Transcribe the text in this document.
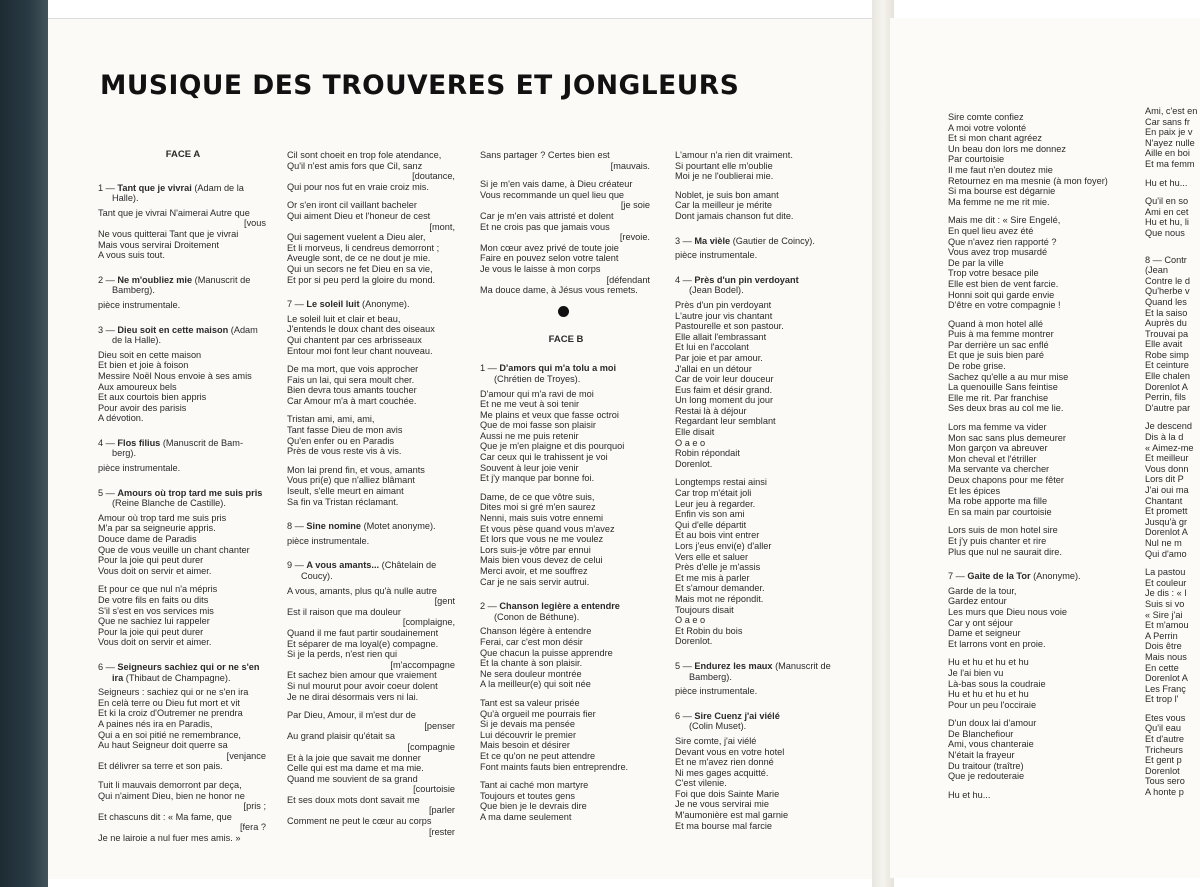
MUSIQUE DES TROUVERES ET JONGLEURS
FACE A
1 — Tant que je vivrai (Adam de la
Halle).
Tant que je vivrai N'aimerai Autre que
[vous
Ne vous quitterai Tant que je vivrai
Mais vous servirai Droitement
A vous suis tout.
2 — Ne m'oubliez mie (Manuscrit de
Bamberg).
pièce instrumentale.
3 — Dieu soit en cette maison (Adam
de la Halle).
Dieu soit en cette maison
Et bien et joie à foison
Messire Noël Nous envoie à ses amis
Aux amoureux bels
Et aux courtois bien appris
Pour avoir des parisis
A dévotion.
4 — Flos filius (Manuscrit de Bam-
berg).
pièce instrumentale.
5 — Amours où trop tard me suis pris
(Reine Blanche de Castille).
Amour où trop tard me suis pris
M'a par sa seigneurie appris.
Douce dame de Paradis
Que de vous veuille un chant chanter
Pour la joie qui peut durer
Vous doit on servir et aimer.
Et pour ce que nul n'a mépris
De votre fils en faits ou dits
S'il s'est en vos services mis
Que ne sachiez lui rappeler
Pour la joie qui peut durer
Vous doit on servir et aimer.
6 — Seigneurs sachiez qui or ne s'en
ira (Thibaut de Champagne).
Seigneurs : sachiez qui or ne s'en ira
En celà terre ou Dieu fut mort et vit
Et ki la croiz d'Outremer ne prendra
A paines nés ira en Paradis,
Qui a en soi pitié ne remembrance,
Au haut Seigneur doit querre sa
[venjance
Et délivrer sa terre et son pais.
Tuit li mauvais demorront par deça,
Qui n'aiment Dieu, bien ne honor ne
[pris ;
Et chascuns dit : « Ma fame, que
[fera ?
Je ne lairoie a nul fuer mes amis. »
Cil sont choeit en trop fole atendance,
Qu'il n'est amis fors que Cil, sanz
[doutance,
Qui pour nos fut en vraie croiz mis.
Or s'en iront cil vaillant bacheler
Qui aiment Dieu et l'honeur de cest
[mont,
Qui sagement vuelent a Dieu aler,
Et li morveus, li cendreus demorront ;
Aveugle sont, de ce ne dout je mie.
Qui un secors ne fet Dieu en sa vie,
Et por si peu perd la gloire du mond.
7 — Le soleil luit (Anonyme).
Le soleil luit et clair et beau,
J'entends le doux chant des oiseaux
Qui chantent par ces arbrisseaux
Entour moi font leur chant nouveau.
De ma mort, que vois approcher
Fais un lai, qui sera moult cher.
Bien devra tous amants toucher
Car Amour m'a à mart couchée.
Tristan ami, ami, ami,
Tant fasse Dieu de mon avis
Qu'en enfer ou en Paradis
Près de vous reste vis à vis.
Mon lai prend fin, et vous, amants
Vous pri(e) que n'alliez blâmant
Iseult, s'elle meurt en aimant
Sa fin va Tristan réclamant.
8 — Sine nomine (Motet anonyme).
pièce instrumentale.
9 — A vous amants... (Châtelain de
Coucy).
A vous, amants, plus qu'à nulle autre
[gent
Est il raison que ma douleur
[complaigne,
Quand il me faut partir soudainement
Et séparer de ma loyal(e) compagne.
Si je la perds, n'est rien qui
[m'accompagne
Et sachez bien amour que vraiement
Si nul mourut pour avoir coeur dolent
Je ne dirai désormais vers ni lai.
Par Dieu, Amour, il m'est dur de
[penser
Au grand plaisir qu'était sa
[compagnie
Et à la joie que savait me donner
Celle qui est ma dame et ma mie.
Quand me souvient de sa grand
[courtoisie
Et ses doux mots dont savait me
[parler
Comment ne peut le cœur au corps
[rester
Sans partager ? Certes bien est
[mauvais.
Si je m'en vais dame, à Dieu créateur
Vous recommande un quel lieu que
[je soie
Car je m'en vais attristé et dolent
Et ne crois pas que jamais vous
[revoie.
Mon cœur avez privé de toute joie
Faire en pouvez selon votre talent
Je vous le laisse à mon corps
[défendant
Ma douce dame, à Jésus vous remets.
FACE B
1 — D'amors qui m'a tolu a moi
(Chrétien de Troyes).
D'amour qui m'a ravi de moi
Et ne me veut à soi tenir
Me plains et veux que fasse octroi
Que de moi fasse son plaisir
Aussi ne me puis retenir
Que je m'en plaigne et dis pourquoi
Car ceux qui le trahissent je voi
Souvent à leur joie venir
Et j'y manque par bonne foi.
Dame, de ce que vôtre suis,
Dites moi si gré m'en saurez
Nenni, mais suis votre ennemi
Et vous pèse quand vous m'avez
Et lors que vous ne me voulez
Lors suis-je vôtre par ennui
Mais bien vous devez de celui
Merci avoir, et me souffrez
Car je ne sais servir autrui.
2 — Chanson legière a entendre
(Conon de Béthune).
Chanson légère à entendre
Ferai, car c'est mon désir
Que chacun la puisse apprendre
Et la chante à son plaisir.
Ne sera douleur montrée
A la meilleur(e) qui soit née
Tant est sa valeur prisée
Qu'à orgueil me pourrais fier
Si je devais ma pensée
Lui découvrir le premier
Mais besoin et désirer
Et ce qu'on ne peut attendre
Font maints fauts bien entreprendre.
Tant ai caché mon martyre
Toujours et toutes gens
Que bien je le devrais dire
A ma dame seulement
L'amour n'a rien dit vraiment.
Si pourtant elle m'oublie
Moi je ne l'oublierai mie.
Noblet, je suis bon amant
Car la meilleur je mérite
Dont jamais chanson fut dite.
3 — Ma vièle (Gautier de Coincy).
pièce instrumentale.
4 — Près d'un pin verdoyant
(Jean Bodel).
Près d'un pin verdoyant
L'autre jour vis chantant
Pastourelle et son pastour.
Elle allait l'embrassant
Et lui en l'accolant
Par joie et par amour.
J'allai en un détour
Car de voir leur douceur
Eus faim et désir grand.
Un long moment du jour
Restai là à déjour
Regardant leur semblant
Elle disait
O a e o
Robin répondait
Dorenlot.
Longtemps restai ainsi
Car trop m'était joli
Leur jeu à regarder.
Enfin vis son ami
Qui d'elle départit
Et au bois vint entrer
Lors j'eus envi(e) d'aller
Vers elle et saluer
Près d'elle je m'assis
Et me mis à parler
Et s'amour demander.
Mais mot ne répondit.
Toujours disait
O a e o
Et Robin du bois
Dorenlot.
5 — Endurez les maux (Manuscrit de
Bamberg).
pièce instrumentale.
6 — Sire Cuenz j'ai viélé
(Colin Muset).
Sire comte, j'ai viélé
Devant vous en votre hotel
Et ne m'avez rien donné
Ni mes gages acquitté.
C'est vilenie.
Foi que dois Sainte Marie
Je ne vous servirai mie
M'aumonière est mal garnie
Et ma bourse mal farcie
Sire comte confiez
A moi votre volonté
Et si mon chant agréez
Un beau don lors me donnez
Par courtoisie
Il me faut n'en doutez mie
Retournez en ma mesnie (à mon foyer)
Si ma bourse est dégarnie
Ma femme ne me rit mie.
Mais me dit : « Sire Engelé,
En quel lieu avez été
Que n'avez rien rapporté ?
Vous avez trop musardé
De par la ville
Trop votre besace pile
Elle est bien de vent farcie.
Honni soit qui garde envie
D'être en votre compagnie !
Quand à mon hotel allé
Puis à ma femme montrer
Par derrière un sac enflé
Et que je suis bien paré
De robe grise.
Sachez qu'elle a au mur mise
La quenouille Sans feintise
Elle me rit. Par franchise
Ses deux bras au col me lie.
Lors ma femme va vider
Mon sac sans plus demeurer
Mon garçon va abreuver
Mon cheval et l'étriller
Ma servante va chercher
Deux chapons pour me fêter
Et les épices
Ma robe apporte ma fille
En sa main par courtoisie
Lors suis de mon hotel sire
Et j'y puis chanter et rire
Plus que nul ne saurait dire.
7 — Gaite de la Tor (Anonyme).
Garde de la tour,
Gardez entour
Les murs que Dieu nous voie
Car y ont séjour
Dame et seigneur
Et larrons vont en proie.
Hu et hu et hu et hu
Je l'ai bien vu
Là-bas sous la coudraie
Hu et hu et hu et hu
Pour un peu l'occiraie
D'un doux lai d'amour
De Blanchefiour
Ami, vous chanteraie
N'était la frayeur
Du traitour (traître)
Que je redouteraie
Hu et hu...
Ami, c'est en
Car sans fr
En paix je v
N'ayez nulle
Aille en boi
Et ma femm
Hu et hu...
Qu'il en so
Ami en cet
Hu et hu, li
Que nous
8 — Contr
(Jean
Contre le d
Qu'herbe v
Quand les
Et la saiso
Auprès du
Trouvai pa
Elle avait
Robe simp
Et ceinture
Elle chalen
Dorenlot A
Perrin, fils
D'autre par
Je descend
Dis à la d
« Aimez-me
Et meilleur
Vous donn
Lors dit P
J'ai oui ma
Chantant
Et promett
Jusqu'à gr
Dorenlot A
Nul ne m
Qui d'amo
La pastou
Et couleur
Je dis : « l
Suis si vo
« Sire j'ai
Et m'amou
A Perrin
Dois être
Mais nous
En cette
Dorenlot A
Les Franç
Et trop l'
Etes vous
Qu'il eau
Et d'autre
Tricheurs
Et gent p
Dorenlot
Tous sero
A honte p
